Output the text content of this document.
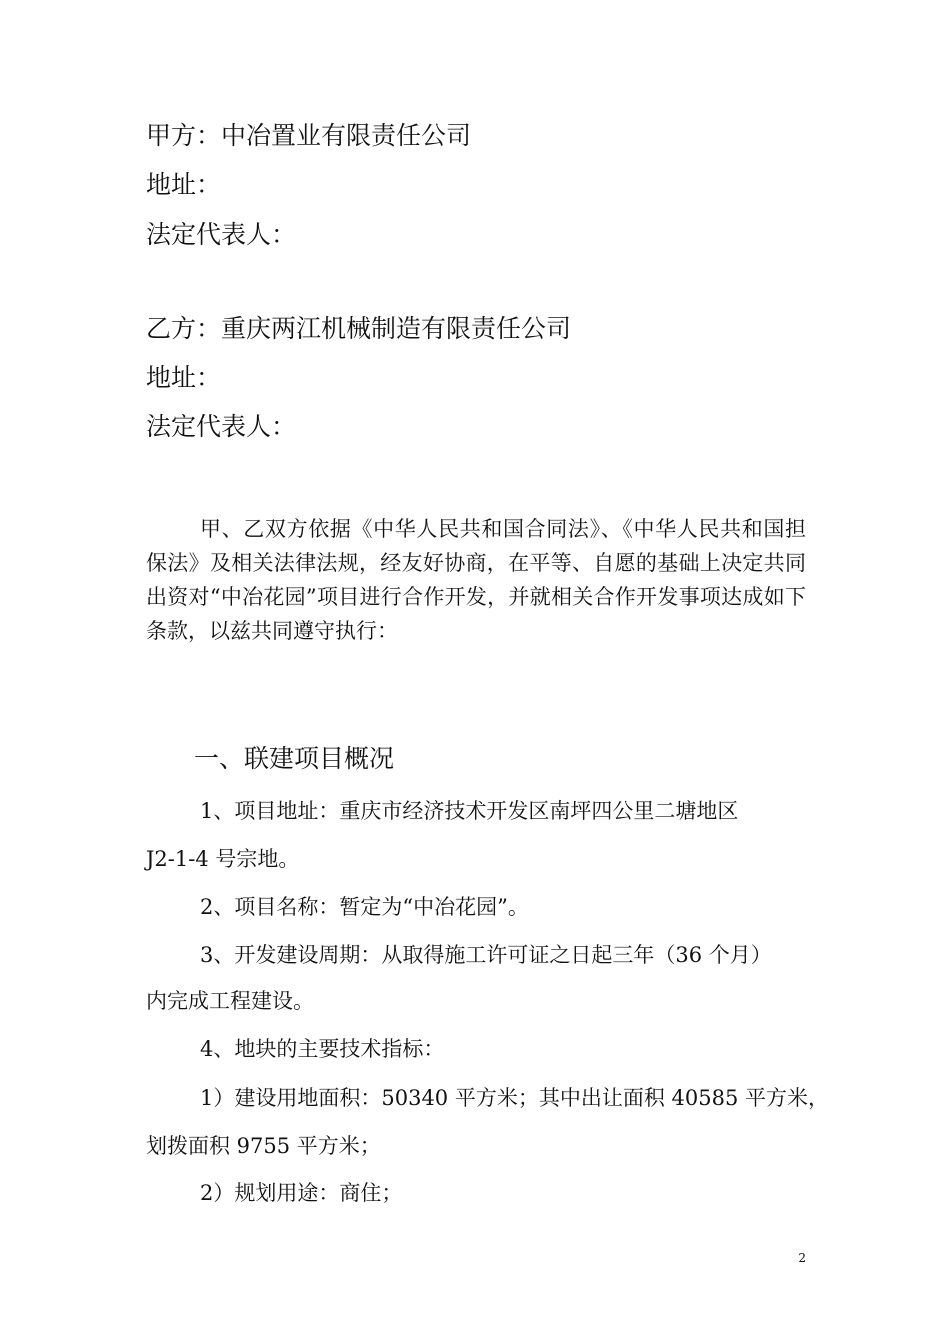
甲方：中冶置业有限责任公司
地址：
法定代表人：
乙方：重庆两江机械制造有限责任公司
地址：
法定代表人：
甲、乙双方依据《中华人民共和国合同法》、《中华人民共和国担保法》及相关法律法规，经友好协商，在平等、自愿的基础上决定共同出资对“中冶花园”项目进行合作开发，并就相关合作开发事项达成如下条款，以兹共同遵守执行：
一、联建项目概况
1、项目地址：重庆市经济技术开发区南坪四公里二塘地区
J2-1-4 号宗地。
2、项目名称：暂定为“中冶花园”。
3、开发建设周期：从取得施工许可证之日起三年（36 个月）
内完成工程建设。
4、地块的主要技术指标：
1）建设用地面积：50340 平方米；其中出让面积 40585 平方米，
划拨面积 9755 平方米；
2）规划用途：商住；
2
